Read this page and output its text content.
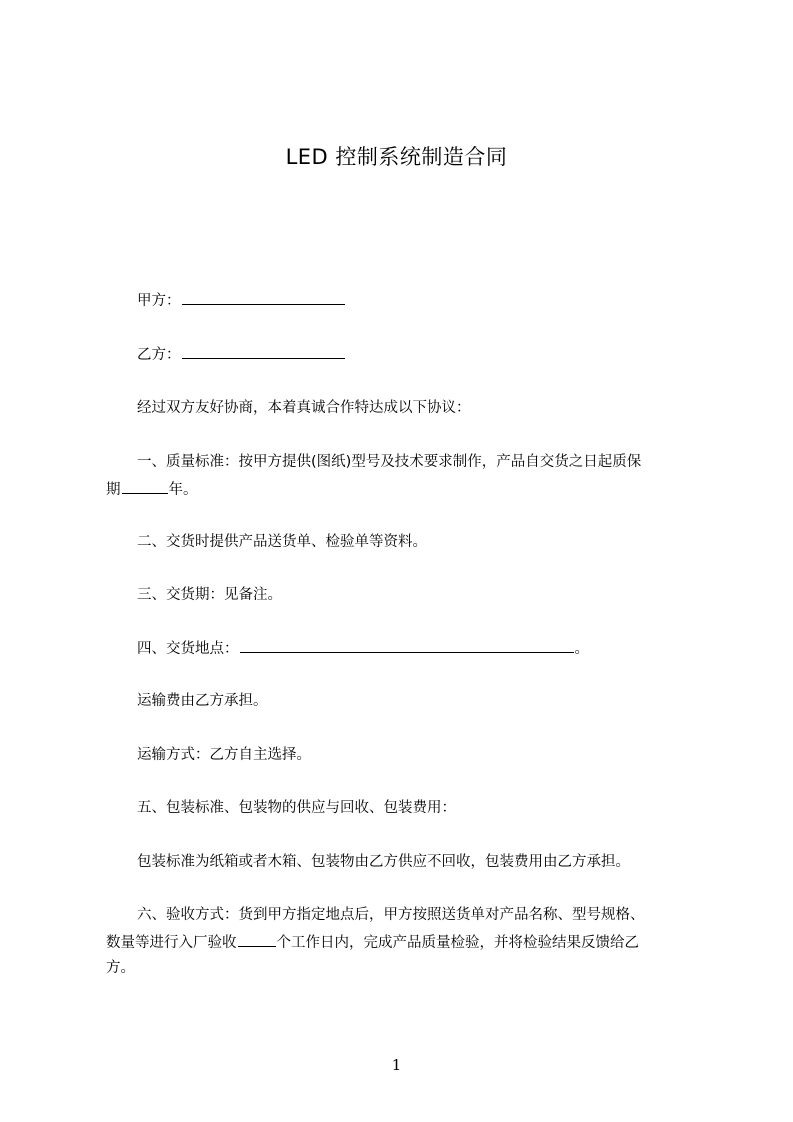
LED 控制系统制造合同
甲方：
乙方：
经过双方友好协商，本着真诚合作特达成以下协议：
一、质量标准：按甲方提供(图纸)型号及技术要求制作，产品自交货之日起质保
期	年。
二、交货时提供产品送货单、检验单等资料。
三、交货期：见备注。
四、交货地点：	。
运输费由乙方承担。
运输方式：乙方自主选择。
五、包装标准、包装物的供应与回收、包装费用：
包装标准为纸箱或者木箱、包装物由乙方供应不回收，包装费用由乙方承担。
六、验收方式：货到甲方指定地点后，甲方按照送货单对产品名称、型号规格、
数量等进行入厂验收	个工作日内，完成产品质量检验，并将检验结果反馈给乙
方。
1
